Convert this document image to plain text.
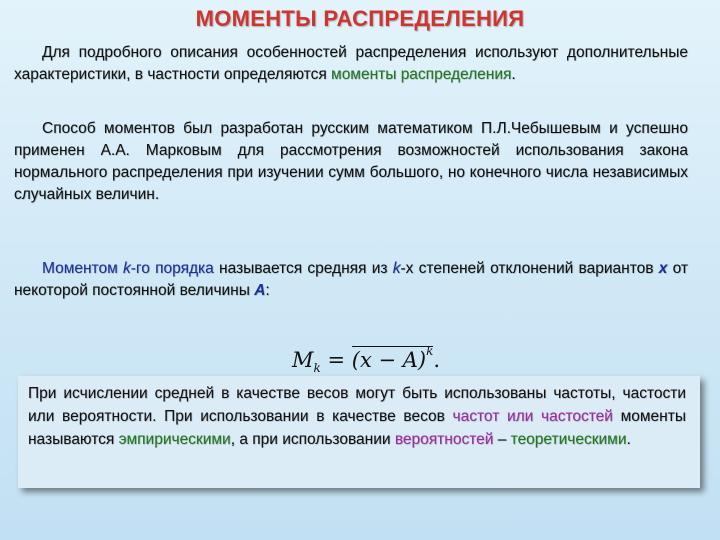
МОМЕНТЫ РАСПРЕДЕЛЕНИЯ
Для подробного описания особенностей распределения используют дополнительные характеристики, в частности определяются моменты распределения.
Способ моментов был разработан русским математиком П.Л.Чебышевым и успешно применен А.А. Марковым для рассмотрения возможностей использования закона нормального распределения при изучении сумм большого, но конечного числа независимых случайных величин.
Моментом k-го порядка называется средняя из k-х степеней отклонений вариантов x от некоторой постоянной величины A:
$M_k = (x - A)^k$.
При исчислении средней в качестве весов могут быть использованы частоты, частости или вероятности. При использовании в качестве весов частот или частостей моменты называются эмпирическими, а при использовании вероятностей – теоретическими.
